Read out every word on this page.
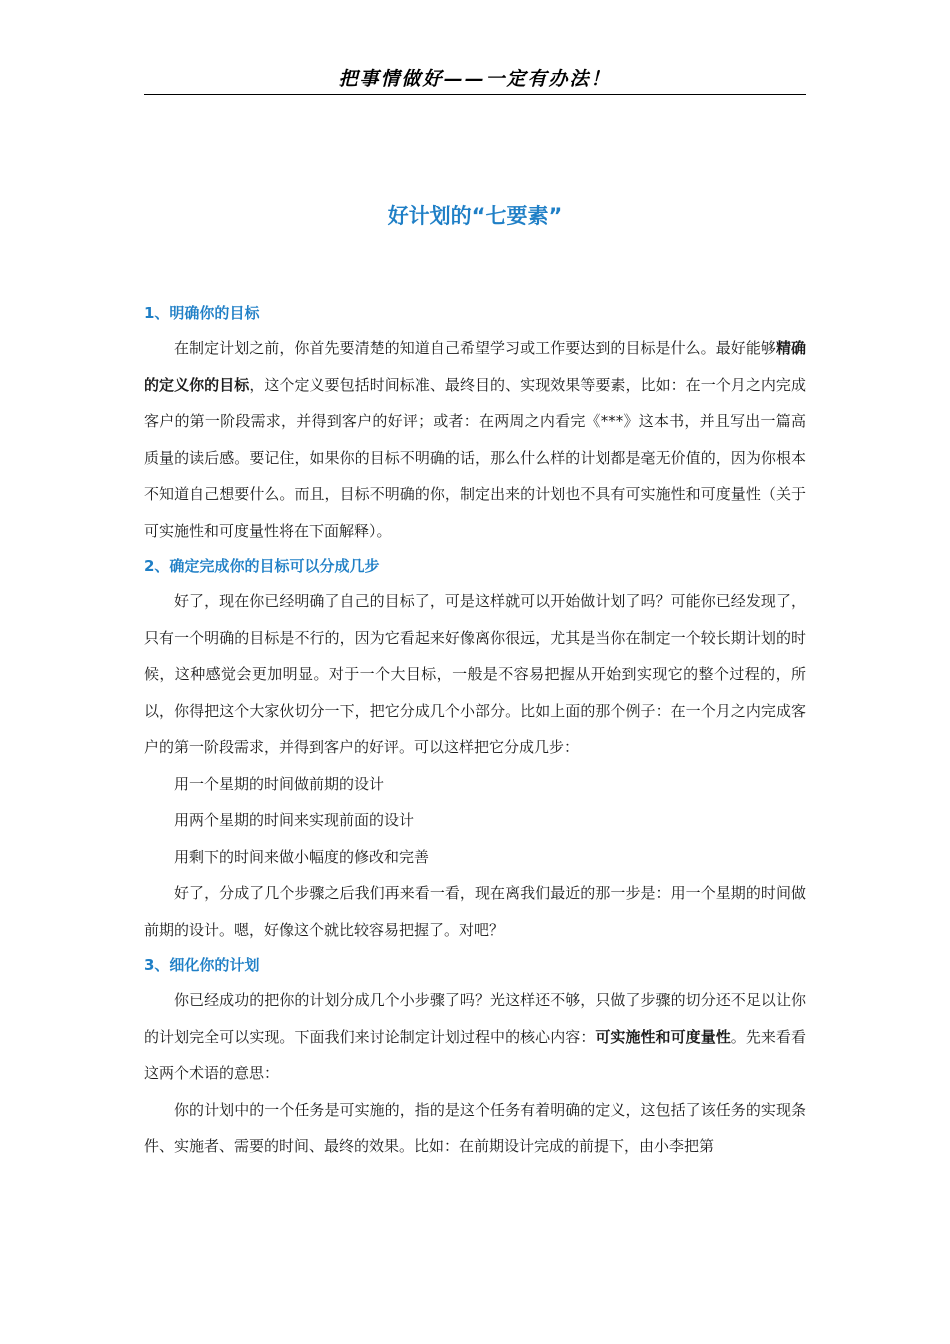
把事情做好——一定有办法！
好计划的“七要素”
1、明确你的目标

在制定计划之前，你首先要清楚的知道自己希望学习或工作要达到的目标是什么。最好能够精确的定义你的目标，这个定义要包括时间标准、最终目的、实现效果等要素，比如：在一个月之内完成客户的第一阶段需求，并得到客户的好评；或者：在两周之内看完《***》这本书，并且写出一篇高质量的读后感。要记住，如果你的目标不明确的话，那么什么样的计划都是毫无价值的，因为你根本不知道自己想要什么。而且，目标不明确的你，制定出来的计划也不具有可实施性和可度量性（关于可实施性和可度量性将在下面解释）。

2、确定完成你的目标可以分成几步

好了，现在你已经明确了自己的目标了，可是这样就可以开始做计划了吗？可能你已经发现了，只有一个明确的目标是不行的，因为它看起来好像离你很远，尤其是当你在制定一个较长期计划的时候，这种感觉会更加明显。对于一个大目标，一般是不容易把握从开始到实现它的整个过程的，所以，你得把这个大家伙切分一下，把它分成几个小部分。比如上面的那个例子：在一个月之内完成客户的第一阶段需求，并得到客户的好评。可以这样把它分成几步：

用一个星期的时间做前期的设计

用两个星期的时间来实现前面的设计

用剩下的时间来做小幅度的修改和完善

好了，分成了几个步骤之后我们再来看一看，现在离我们最近的那一步是：用一个星期的时间做前期的设计。嗯，好像这个就比较容易把握了。对吧？

3、细化你的计划

你已经成功的把你的计划分成几个小步骤了吗？光这样还不够，只做了步骤的切分还不足以让你的计划完全可以实现。下面我们来讨论制定计划过程中的核心内容：可实施性和可度量性。先来看看这两个术语的意思：

你的计划中的一个任务是可实施的，指的是这个任务有着明确的定义，这包括了该任务的实现条件、实施者、需要的时间、最终的效果。比如：在前期设计完成的前提下，由小李把第
